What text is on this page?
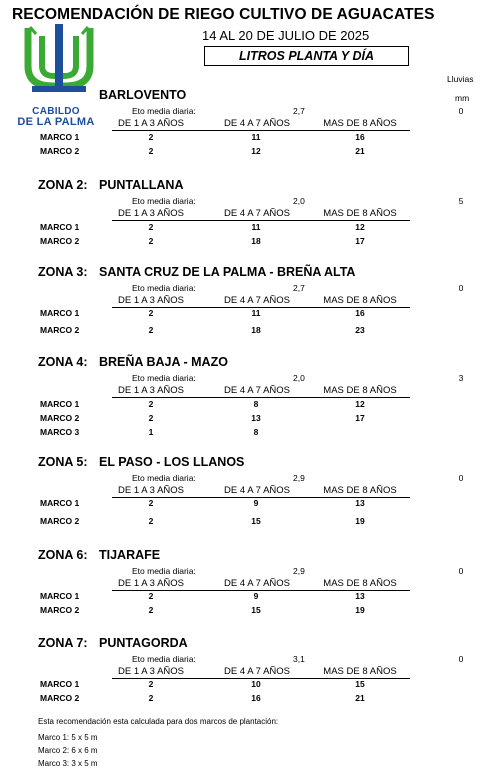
RECOMENDACIÓN DE RIEGO CULTIVO DE AGUACATES
14 AL 20 DE JULIO DE 2025
LITROS PLANTA Y DÍA
Lluvias
mm
CABILDO
DE LA PALMA
BARLOVENTO
Eto media diaria:	2,7	0
DE 1 A 3 AÑOS	DE 4 A 7 AÑOS	MAS DE 8 AÑOS
MARCO 1	2	11	16
MARCO 2	2	12	21
ZONA 2: PUNTALLANA
Eto media diaria:	2,0	5
DE 1 A 3 AÑOS	DE 4 A 7 AÑOS	MAS DE 8 AÑOS
MARCO 1	2	11	12
MARCO 2	2	18	17
ZONA 3: SANTA CRUZ DE LA PALMA - BREÑA ALTA
Eto media diaria:	2,7	0
DE 1 A 3 AÑOS	DE 4 A 7 AÑOS	MAS DE 8 AÑOS
MARCO 1	2	11	16
MARCO 2	2	18	23
ZONA 4: BREÑA BAJA - MAZO
Eto media diaria:	2,0	3
DE 1 A 3 AÑOS	DE 4 A 7 AÑOS	MAS DE 8 AÑOS
MARCO 1	2	8	12
MARCO 2	2	13	17
MARCO 3	1	8
ZONA 5: EL PASO - LOS LLANOS
Eto media diaria:	2,9	0
DE 1 A 3 AÑOS	DE 4 A 7 AÑOS	MAS DE 8 AÑOS
MARCO 1	2	9	13
MARCO 2	2	15	19
ZONA 6: TIJARAFE
Eto media diaria:	2,9	0
DE 1 A 3 AÑOS	DE 4 A 7 AÑOS	MAS DE 8 AÑOS
MARCO 1	2	9	13
MARCO 2	2	15	19
ZONA 7: PUNTAGORDA
Eto media diaria:	3,1	0
DE 1 A 3 AÑOS	DE 4 A 7 AÑOS	MAS DE 8 AÑOS
MARCO 1	2	10	15
MARCO 2	2	16	21
Esta recomendación esta calculada para dos marcos de plantación:
Marco 1: 5 x 5 m
Marco 2: 6 x 6 m
Marco 3: 3 x 5 m
